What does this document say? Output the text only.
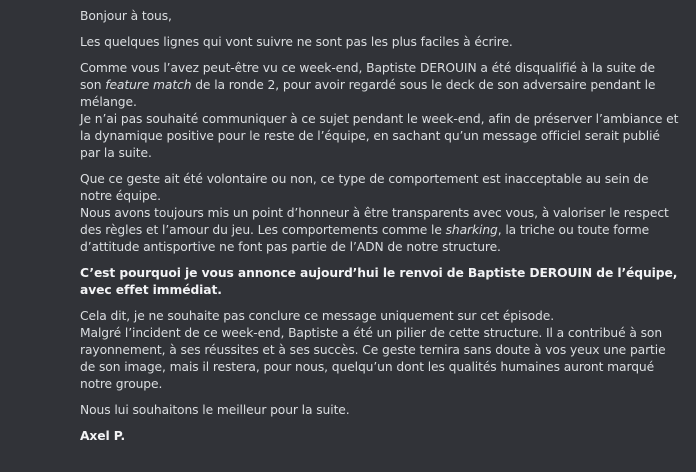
Bonjour à tous,

Les quelques lignes qui vont suivre ne sont pas les plus faciles à écrire.

Comme vous l’avez peut-être vu ce week-end, Baptiste DEROUIN a été disqualifié à la suite de son feature match de la ronde 2, pour avoir regardé sous le deck de son adversaire pendant le mélange.
Je n’ai pas souhaité communiquer à ce sujet pendant le week-end, afin de préserver l’ambiance et la dynamique positive pour le reste de l’équipe, en sachant qu’un message officiel serait publié par la suite.

Que ce geste ait été volontaire ou non, ce type de comportement est inacceptable au sein de notre équipe.
Nous avons toujours mis un point d’honneur à être transparents avec vous, à valoriser le respect des règles et l’amour du jeu. Les comportements comme le sharking, la triche ou toute forme d’attitude antisportive ne font pas partie de l’ADN de notre structure.

C’est pourquoi je vous annonce aujourd’hui le renvoi de Baptiste DEROUIN de l’équipe, avec effet immédiat.

Cela dit, je ne souhaite pas conclure ce message uniquement sur cet épisode.
Malgré l’incident de ce week-end, Baptiste a été un pilier de cette structure. Il a contribué à son rayonnement, à ses réussites et à ses succès. Ce geste ternira sans doute à vos yeux une partie de son image, mais il restera, pour nous, quelqu’un dont les qualités humaines auront marqué notre groupe.

Nous lui souhaitons le meilleur pour la suite.

Axel P.
